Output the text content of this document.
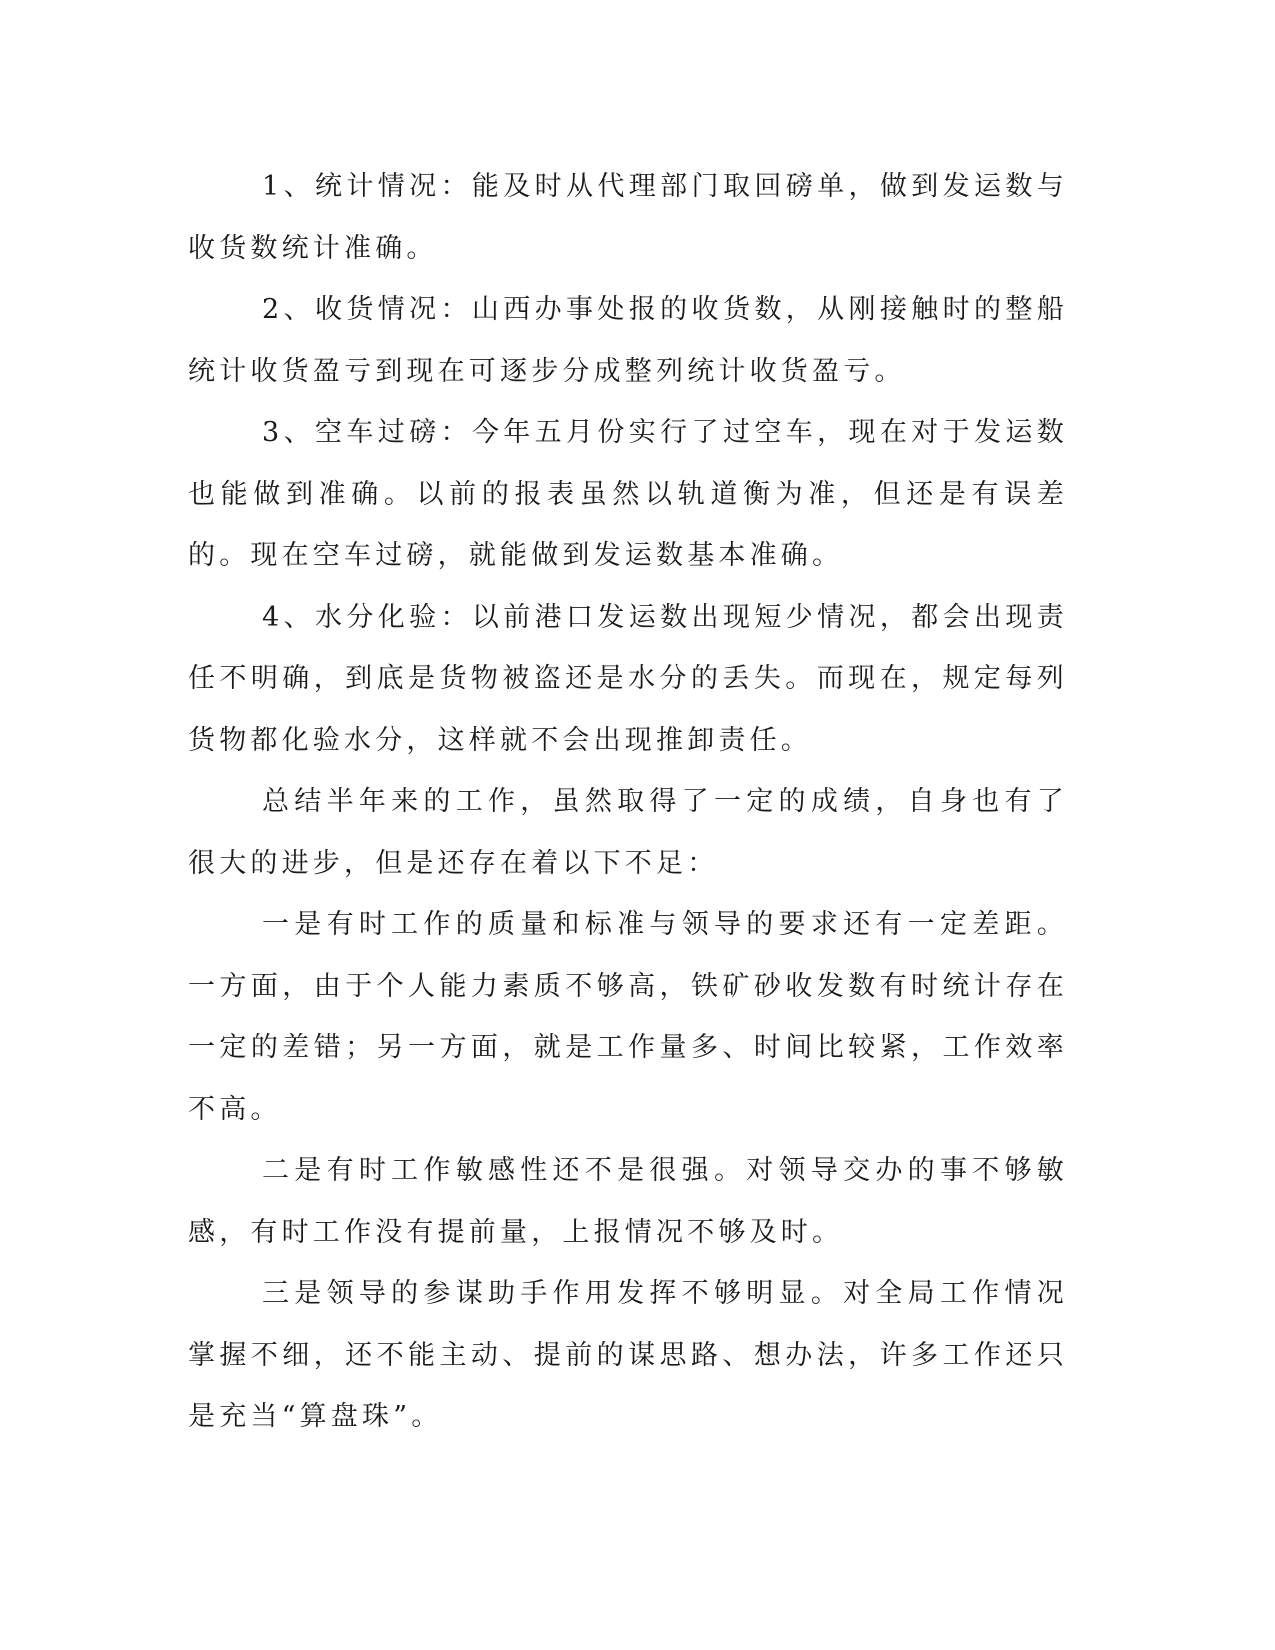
1、统计情况：能及时从代理部门取回磅单，做到发运数与收货数统计准确。

2、收货情况：山西办事处报的收货数，从刚接触时的整船统计收货盈亏到现在可逐步分成整列统计收货盈亏。

3、空车过磅：今年五月份实行了过空车，现在对于发运数也能做到准确。以前的报表虽然以轨道衡为准，但还是有误差的。现在空车过磅，就能做到发运数基本准确。

4、水分化验：以前港口发运数出现短少情况，都会出现责任不明确，到底是货物被盗还是水分的丢失。而现在，规定每列货物都化验水分，这样就不会出现推卸责任。

总结半年来的工作，虽然取得了一定的成绩，自身也有了很大的进步，但是还存在着以下不足：

一是有时工作的质量和标准与领导的要求还有一定差距。一方面，由于个人能力素质不够高，铁矿砂收发数有时统计存在一定的差错；另一方面，就是工作量多、时间比较紧，工作效率不高。

二是有时工作敏感性还不是很强。对领导交办的事不够敏感，有时工作没有提前量，上报情况不够及时。

三是领导的参谋助手作用发挥不够明显。对全局工作情况掌握不细，还不能主动、提前的谋思路、想办法，许多工作还只是充当“算盘珠”。
